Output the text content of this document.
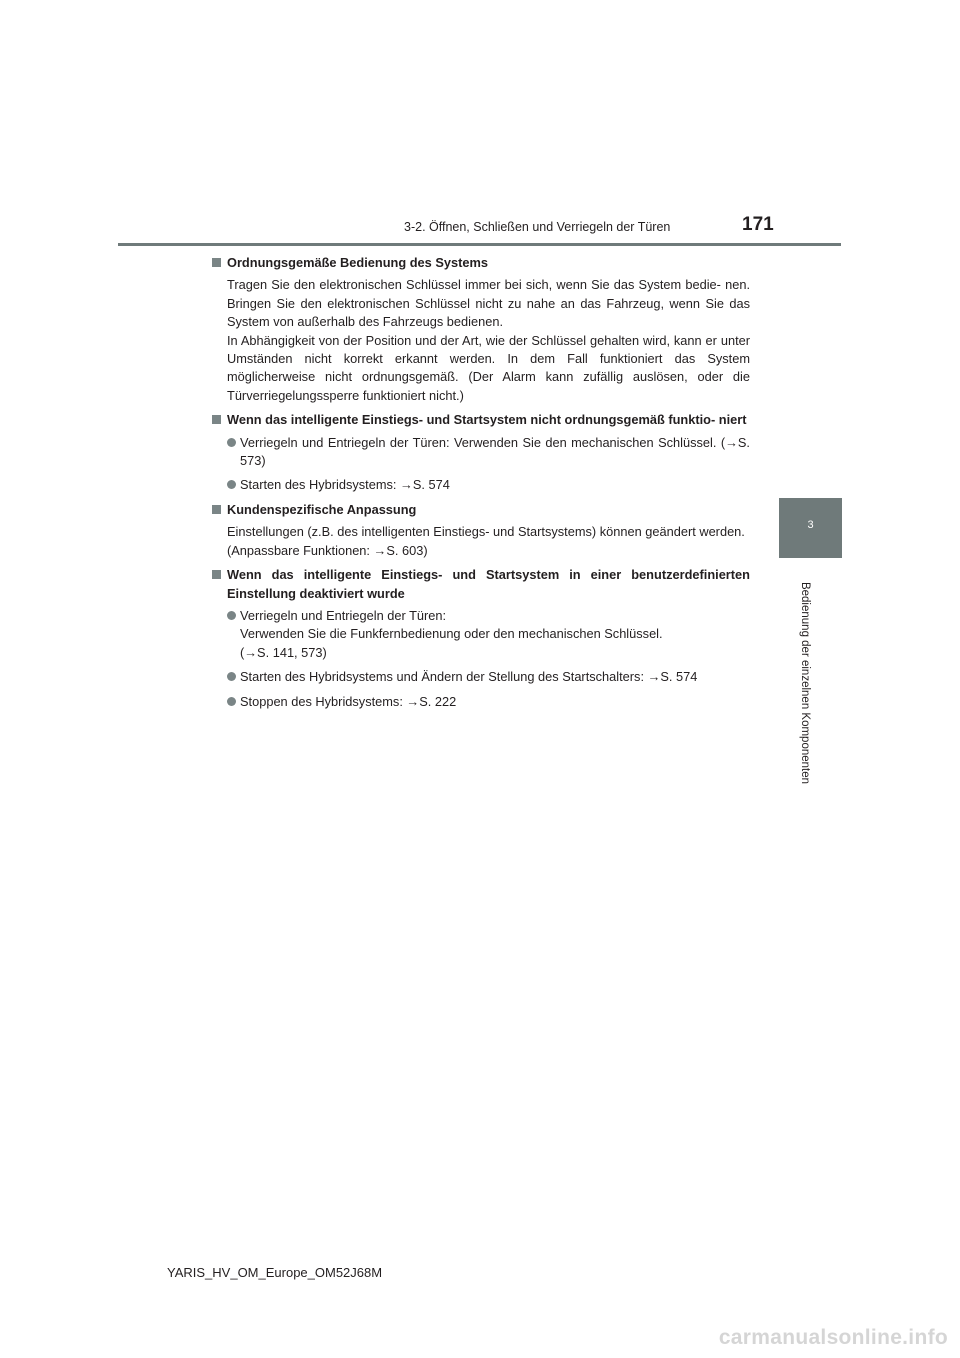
3-2. Öffnen, Schließen und Verriegeln der Türen	171
3
Bedienung der einzelnen Komponenten
Ordnungsgemäße Bedienung des Systems
Tragen Sie den elektronischen Schlüssel immer bei sich, wenn Sie das System bedie- nen. Bringen Sie den elektronischen Schlüssel nicht zu nahe an das Fahrzeug, wenn Sie das System von außerhalb des Fahrzeugs bedienen.
In Abhängigkeit von der Position und der Art, wie der Schlüssel gehalten wird, kann er unter Umständen nicht korrekt erkannt werden. In dem Fall funktioniert das System möglicherweise nicht ordnungsgemäß. (Der Alarm kann zufällig auslösen, oder die Türverriegelungssperre funktioniert nicht.)
Wenn das intelligente Einstiegs- und Startsystem nicht ordnungsgemäß funktio- niert
Verriegeln und Entriegeln der Türen: Verwenden Sie den mechanischen Schlüssel. (→S. 573)
Starten des Hybridsystems: →S. 574
Kundenspezifische Anpassung
Einstellungen (z.B. des intelligenten Einstiegs- und Startsystems) können geändert werden.
(Anpassbare Funktionen: →S. 603)
Wenn das intelligente Einstiegs- und Startsystem in einer benutzerdefinierten Einstellung deaktiviert wurde
Verriegeln und Entriegeln der Türen:
Verwenden Sie die Funkfernbedienung oder den mechanischen Schlüssel.
(→S. 141, 573)
Starten des Hybridsystems und Ändern der Stellung des Startschalters: →S. 574
Stoppen des Hybridsystems: →S. 222
YARIS_HV_OM_Europe_OM52J68M
carmanualsonline.info
